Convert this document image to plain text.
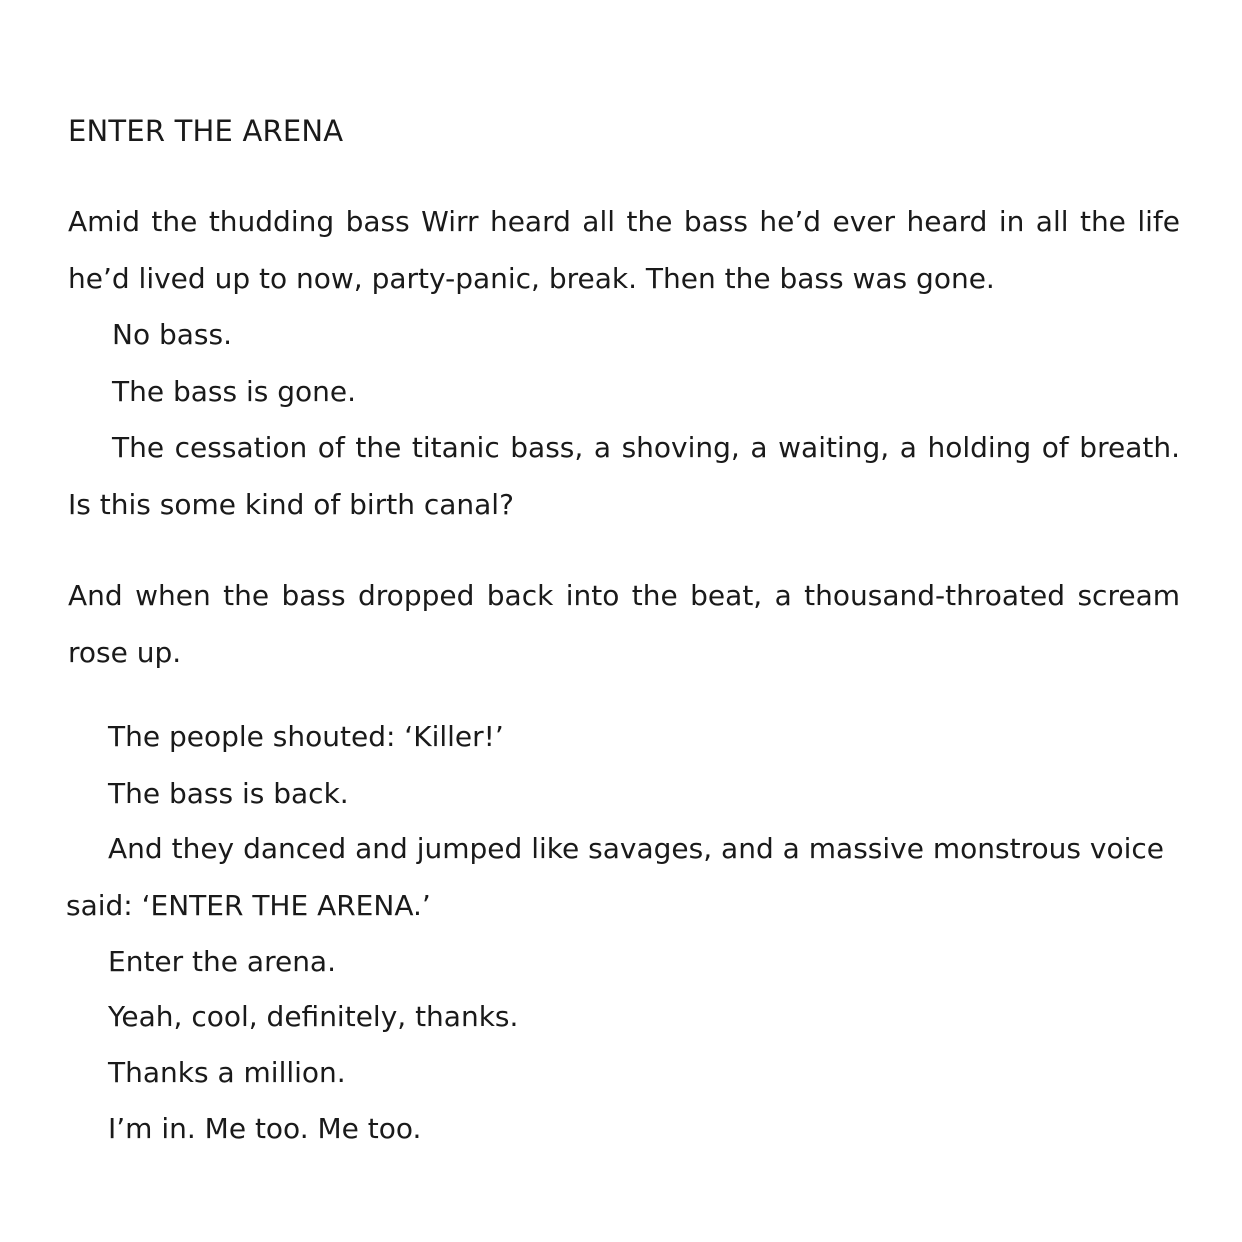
ENTER THE ARENA

Amid the thudding bass Wirr heard all the bass he’d ever heard in all the life he’d lived up to now, party-panic, break. Then the bass was gone.

No bass.
The bass is gone.

The cessation of the titanic bass, a shoving, a waiting, a holding of breath. Is this some kind of birth canal?

And when the bass dropped back into the beat, a thousand-throated scream rose up.

The people shouted: ‘Killer!’
The bass is back.

And they danced and jumped like savages, and a massive monstrous voice said: ‘ENTER THE ARENA.’

Enter the arena.
Yeah, cool, definitely, thanks.
Thanks a million.
I’m in. Me too. Me too.
